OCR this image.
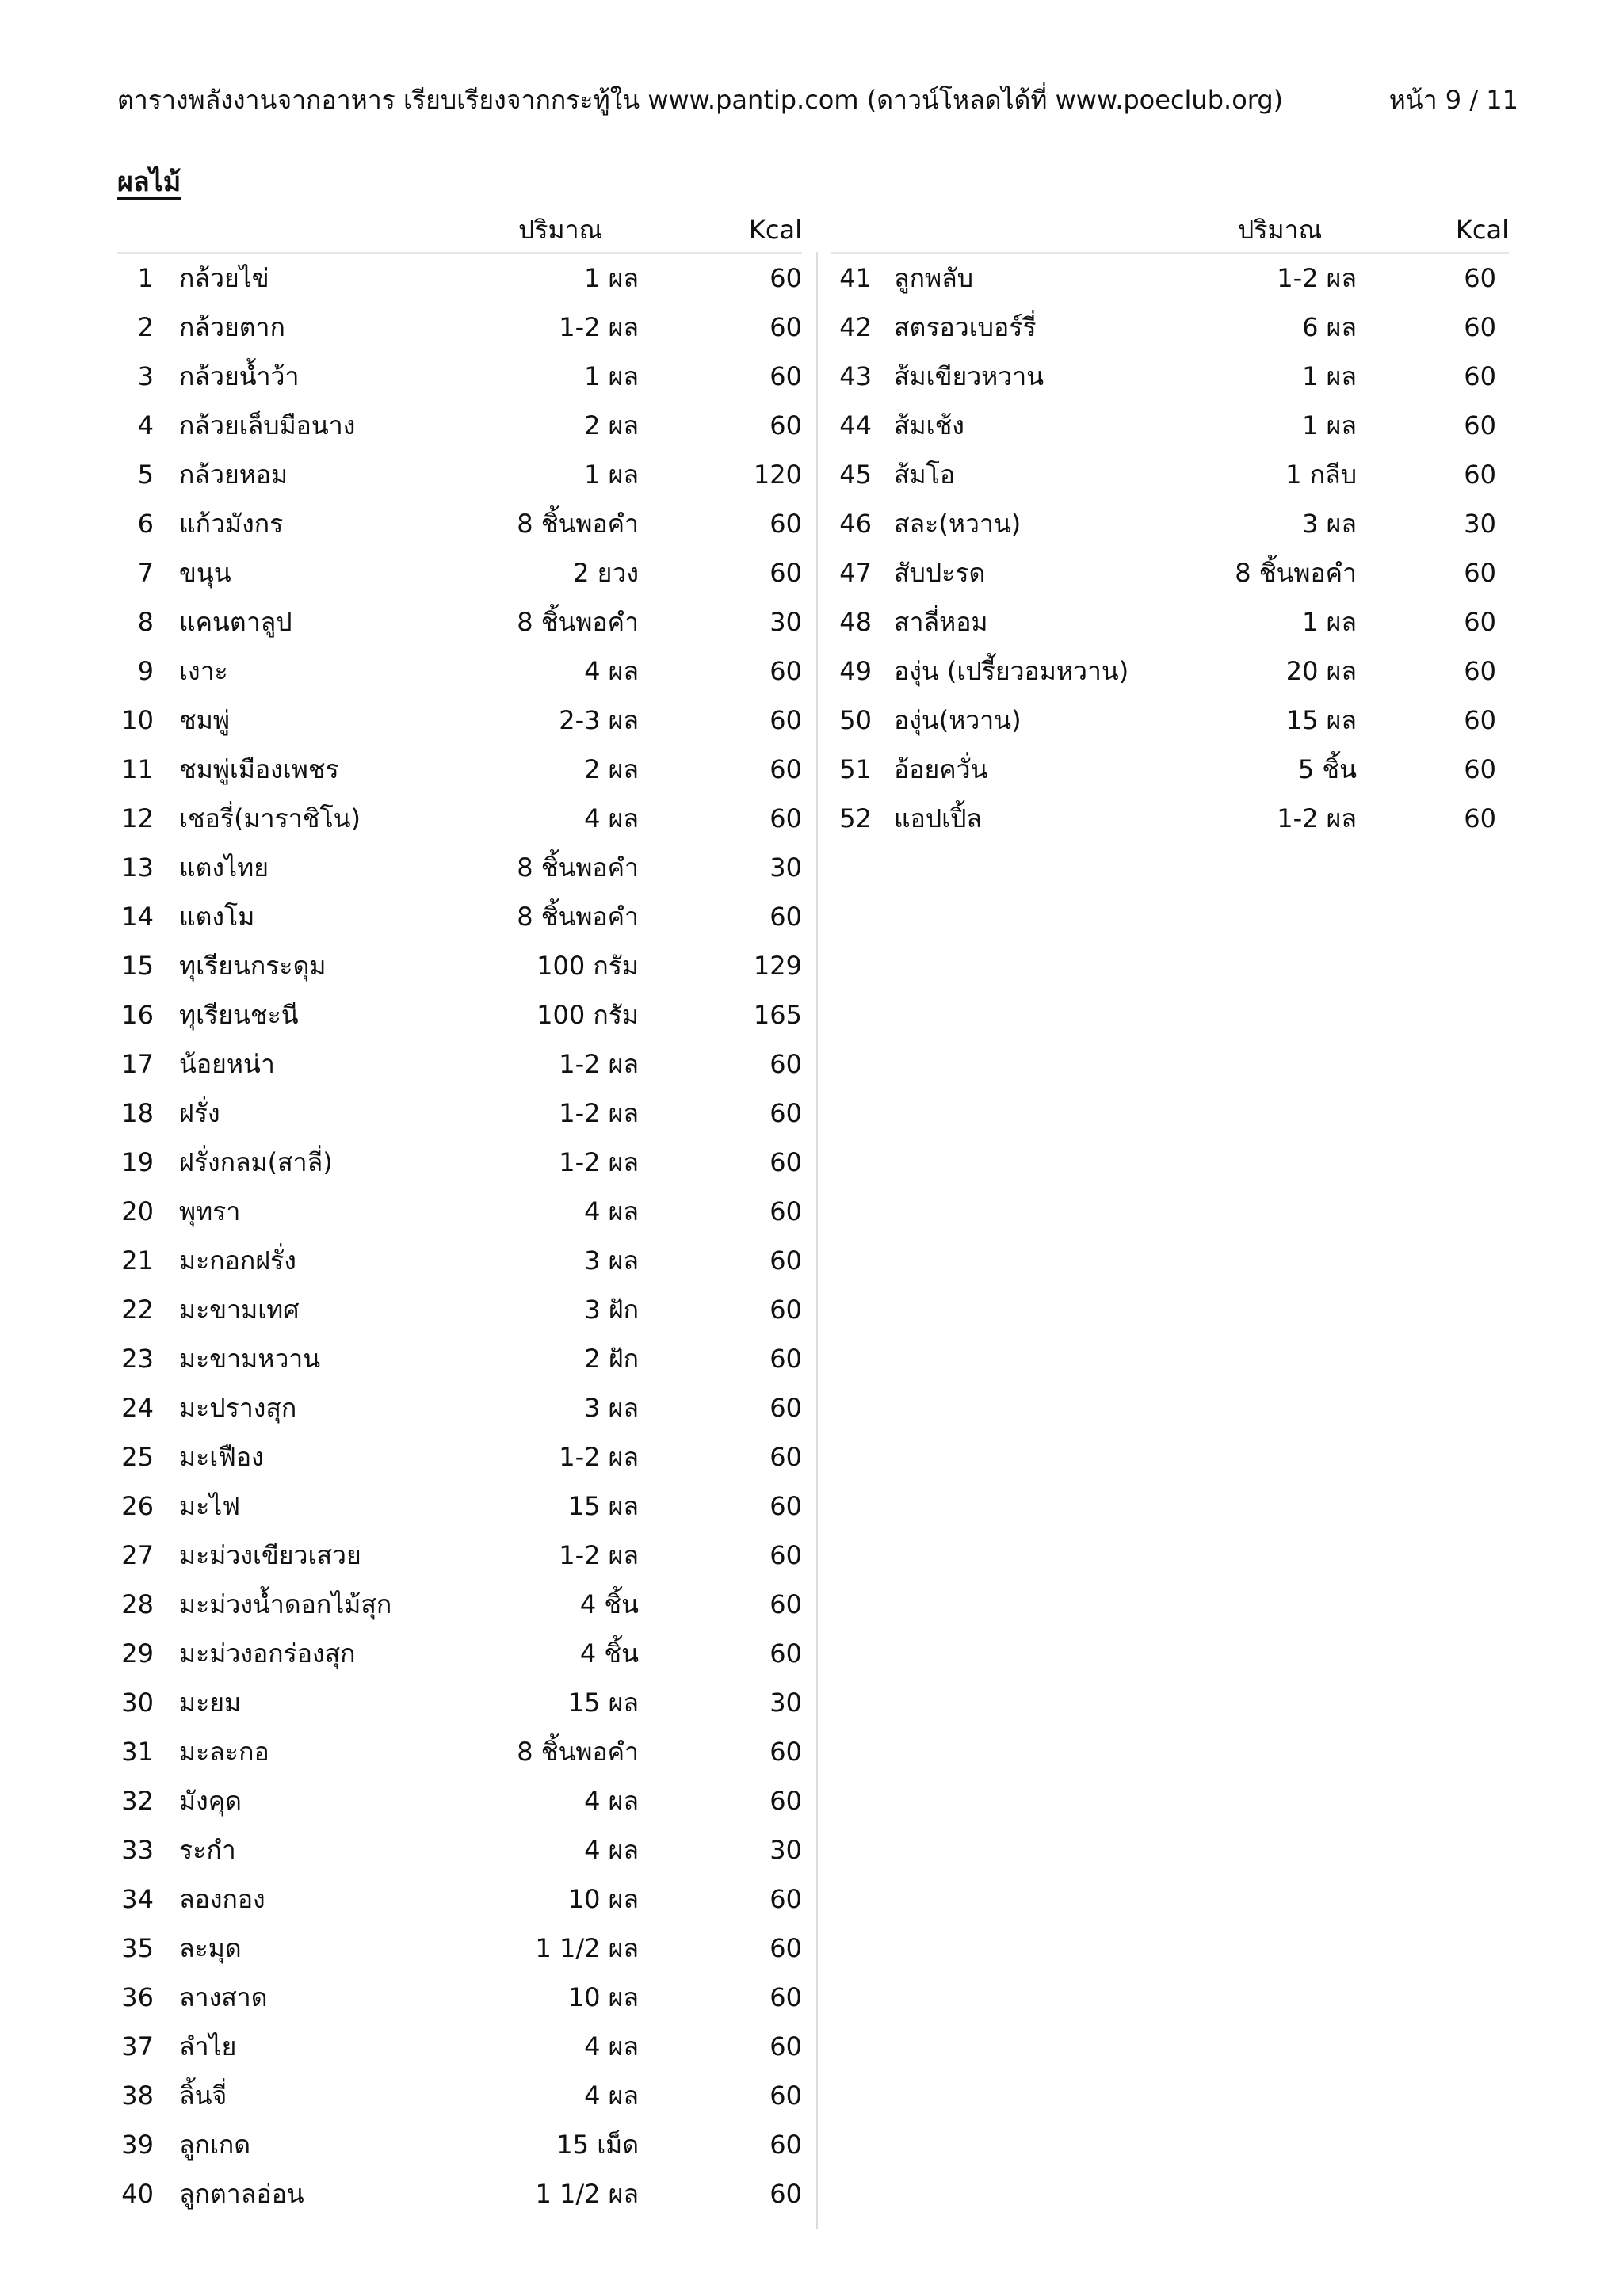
ตารางพลังงานจากอาหาร เรียบเรียงจากกระทู้ใน www.pantip.com (ดาวน์โหลดได้ที่ www.poeclub.org)	หน้า 9 / 11
ผลไม้
ปริมาณ	Kcal
1 กล้วยไข่	1 ผล	60
2 กล้วยตาก	1-2 ผล	60
3 กล้วยน้ำว้า	1 ผล	60
4 กล้วยเล็บมือนาง	2 ผล	60
5 กล้วยหอม	1 ผล	120
6 แก้วมังกร	8 ชิ้นพอคำ	60
7 ขนุน	2 ยวง	60
8 แคนตาลูป	8 ชิ้นพอคำ	30
9 เงาะ	4 ผล	60
10 ชมพู่	2-3 ผล	60
11 ชมพู่เมืองเพชร	2 ผล	60
12 เชอรี่(มาราชิโน)	4 ผล	60
13 แตงไทย	8 ชิ้นพอคำ	30
14 แตงโม	8 ชิ้นพอคำ	60
15 ทุเรียนกระดุม	100 กรัม	129
16 ทุเรียนชะนี	100 กรัม	165
17 น้อยหน่า	1-2 ผล	60
18 ฝรั่ง	1-2 ผล	60
19 ฝรั่งกลม(สาลี่)	1-2 ผล	60
20 พุทรา	4 ผล	60
21 มะกอกฝรั่ง	3 ผล	60
22 มะขามเทศ	3 ฝัก	60
23 มะขามหวาน	2 ฝัก	60
24 มะปรางสุก	3 ผล	60
25 มะเฟือง	1-2 ผล	60
26 มะไฟ	15 ผล	60
27 มะม่วงเขียวเสวย	1-2 ผล	60
28 มะม่วงน้ำดอกไม้สุก	4 ชิ้น	60
29 มะม่วงอกร่องสุก	4 ชิ้น	60
30 มะยม	15 ผล	30
31 มะละกอ	8 ชิ้นพอคำ	60
32 มังคุด	4 ผล	60
33 ระกำ	4 ผล	30
34 ลองกอง	10 ผล	60
35 ละมุด	1 1/2 ผล	60
36 ลางสาด	10 ผล	60
37 ลำไย	4 ผล	60
38 ลิ้นจี่	4 ผล	60
39 ลูกเกด	15 เม็ด	60
40 ลูกตาลอ่อน	1 1/2 ผล	60
ปริมาณ	Kcal
41 ลูกพลับ	1-2 ผล	60
42 สตรอวเบอร์รี่	6 ผล	60
43 ส้มเขียวหวาน	1 ผล	60
44 ส้มเช้ง	1 ผล	60
45 ส้มโอ	1 กลีบ	60
46 สละ(หวาน)	3 ผล	30
47 สับปะรด	8 ชิ้นพอคำ	60
48 สาลี่หอม	1 ผล	60
49 องุ่น (เปรี้ยวอมหวาน)	20 ผล	60
50 องุ่น(หวาน)	15 ผล	60
51 อ้อยควั่น	5 ชิ้น	60
52 แอปเปิ้ล	1-2 ผล	60
